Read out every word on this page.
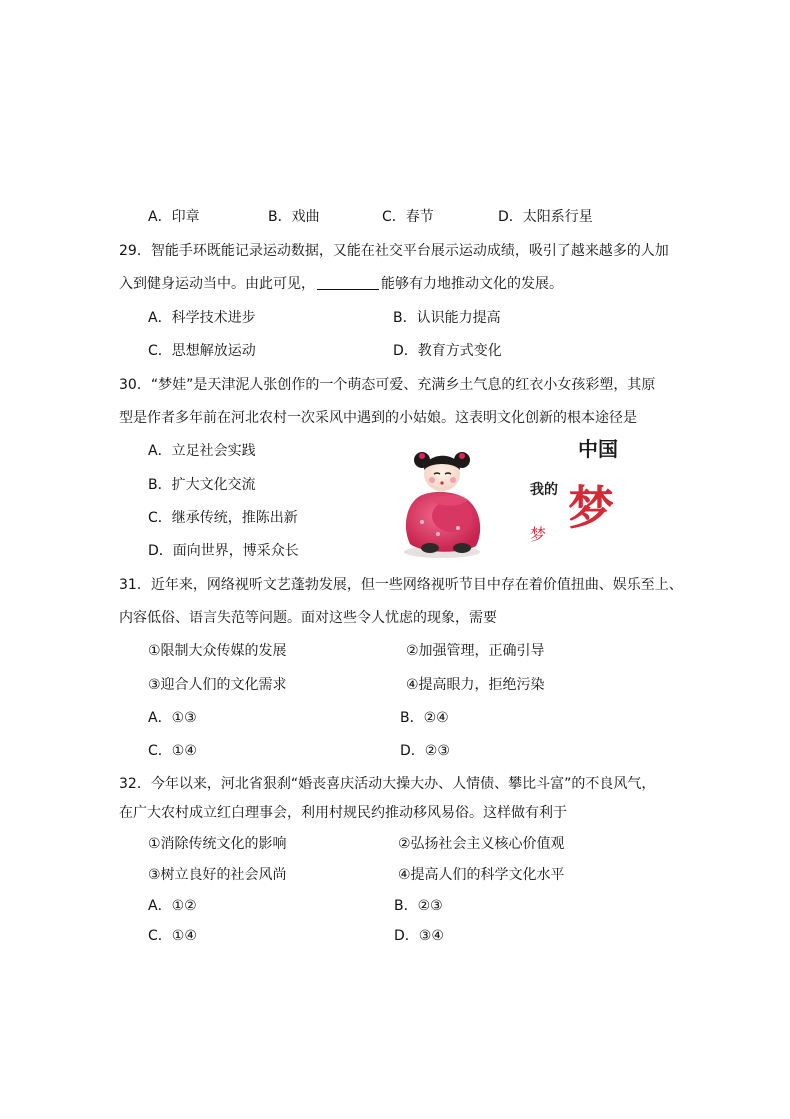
A．印章	B．戏曲	C．春节	D．太阳系行星
29．智能手环既能记录运动数据，又能在社交平台展示运动成绩，吸引了越来越多的人加
入到健身运动当中。由此可见，	能够有力地推动文化的发展。
A．科学技术进步	B．认识能力提高
C．思想解放运动	D．教育方式变化
30．“梦娃”是天津泥人张创作的一个萌态可爱、充满乡土气息的红衣小女孩彩塑，其原
型是作者多年前在河北农村一次采风中遇到的小姑娘。这表明文化创新的根本途径是
A．立足社会实践
B．扩大文化交流
C．继承传统，推陈出新
D．面向世界，博采众长
中国
我的 梦
梦
31．近年来，网络视听文艺蓬勃发展，但一些网络视听节目中存在着价值扭曲、娱乐至上、
内容低俗、语言失范等问题。面对这些令人忧虑的现象，需要
①限制大众传媒的发展	②加强管理，正确引导
③迎合人们的文化需求	④提高眼力，拒绝污染
A．①③	B．②④
C．①④	D．②③
32．今年以来，河北省狠刹“婚丧喜庆活动大操大办、人情债、攀比斗富”的不良风气，
在广大农村成立红白理事会，利用村规民约推动移风易俗。这样做有利于
①消除传统文化的影响	②弘扬社会主义核心价值观
③树立良好的社会风尚	④提高人们的科学文化水平
A．①②	B．②③
C．①④	D．③④
